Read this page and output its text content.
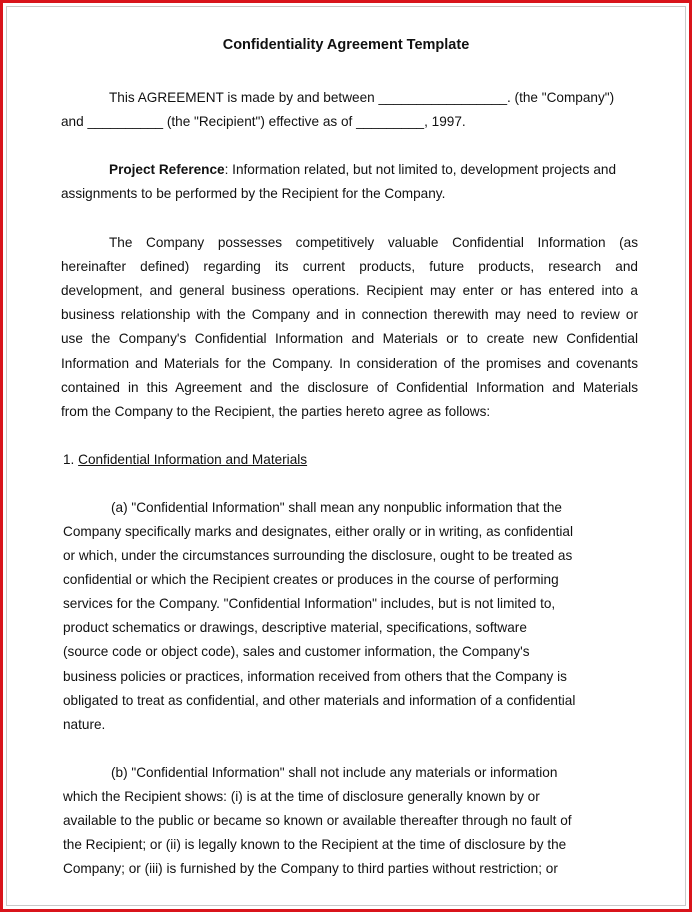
Confidentiality Agreement Template
This AGREEMENT is made by and between _________________. (the "Company")
and __________ (the "Recipient") effective as of _________, 1997.
Project Reference: Information related, but not limited to, development projects and
assignments to be performed by the Recipient for the Company.
The Company possesses competitively valuable Confidential Information (as
hereinafter defined) regarding its current products, future products, research and
development, and general business operations. Recipient may enter or has entered into a
business relationship with the Company and in connection therewith may need to review or
use the Company's Confidential Information and Materials or to create new Confidential
Information and Materials for the Company. In consideration of the promises and covenants
contained in this Agreement and the disclosure of Confidential Information and Materials
from the Company to the Recipient, the parties hereto agree as follows:
1. Confidential Information and Materials
(a) "Confidential Information" shall mean any nonpublic information that the
Company specifically marks and designates, either orally or in writing, as confidential
or which, under the circumstances surrounding the disclosure, ought to be treated as
confidential or which the Recipient creates or produces in the course of performing
services for the Company. "Confidential Information" includes, but is not limited to,
product schematics or drawings, descriptive material, specifications, software
(source code or object code), sales and customer information, the Company's
business policies or practices, information received from others that the Company is
obligated to treat as confidential, and other materials and information of a confidential
nature.
(b) "Confidential Information" shall not include any materials or information
which the Recipient shows: (i) is at the time of disclosure generally known by or
available to the public or became so known or available thereafter through no fault of
the Recipient; or (ii) is legally known to the Recipient at the time of disclosure by the
Company; or (iii) is furnished by the Company to third parties without restriction; or
